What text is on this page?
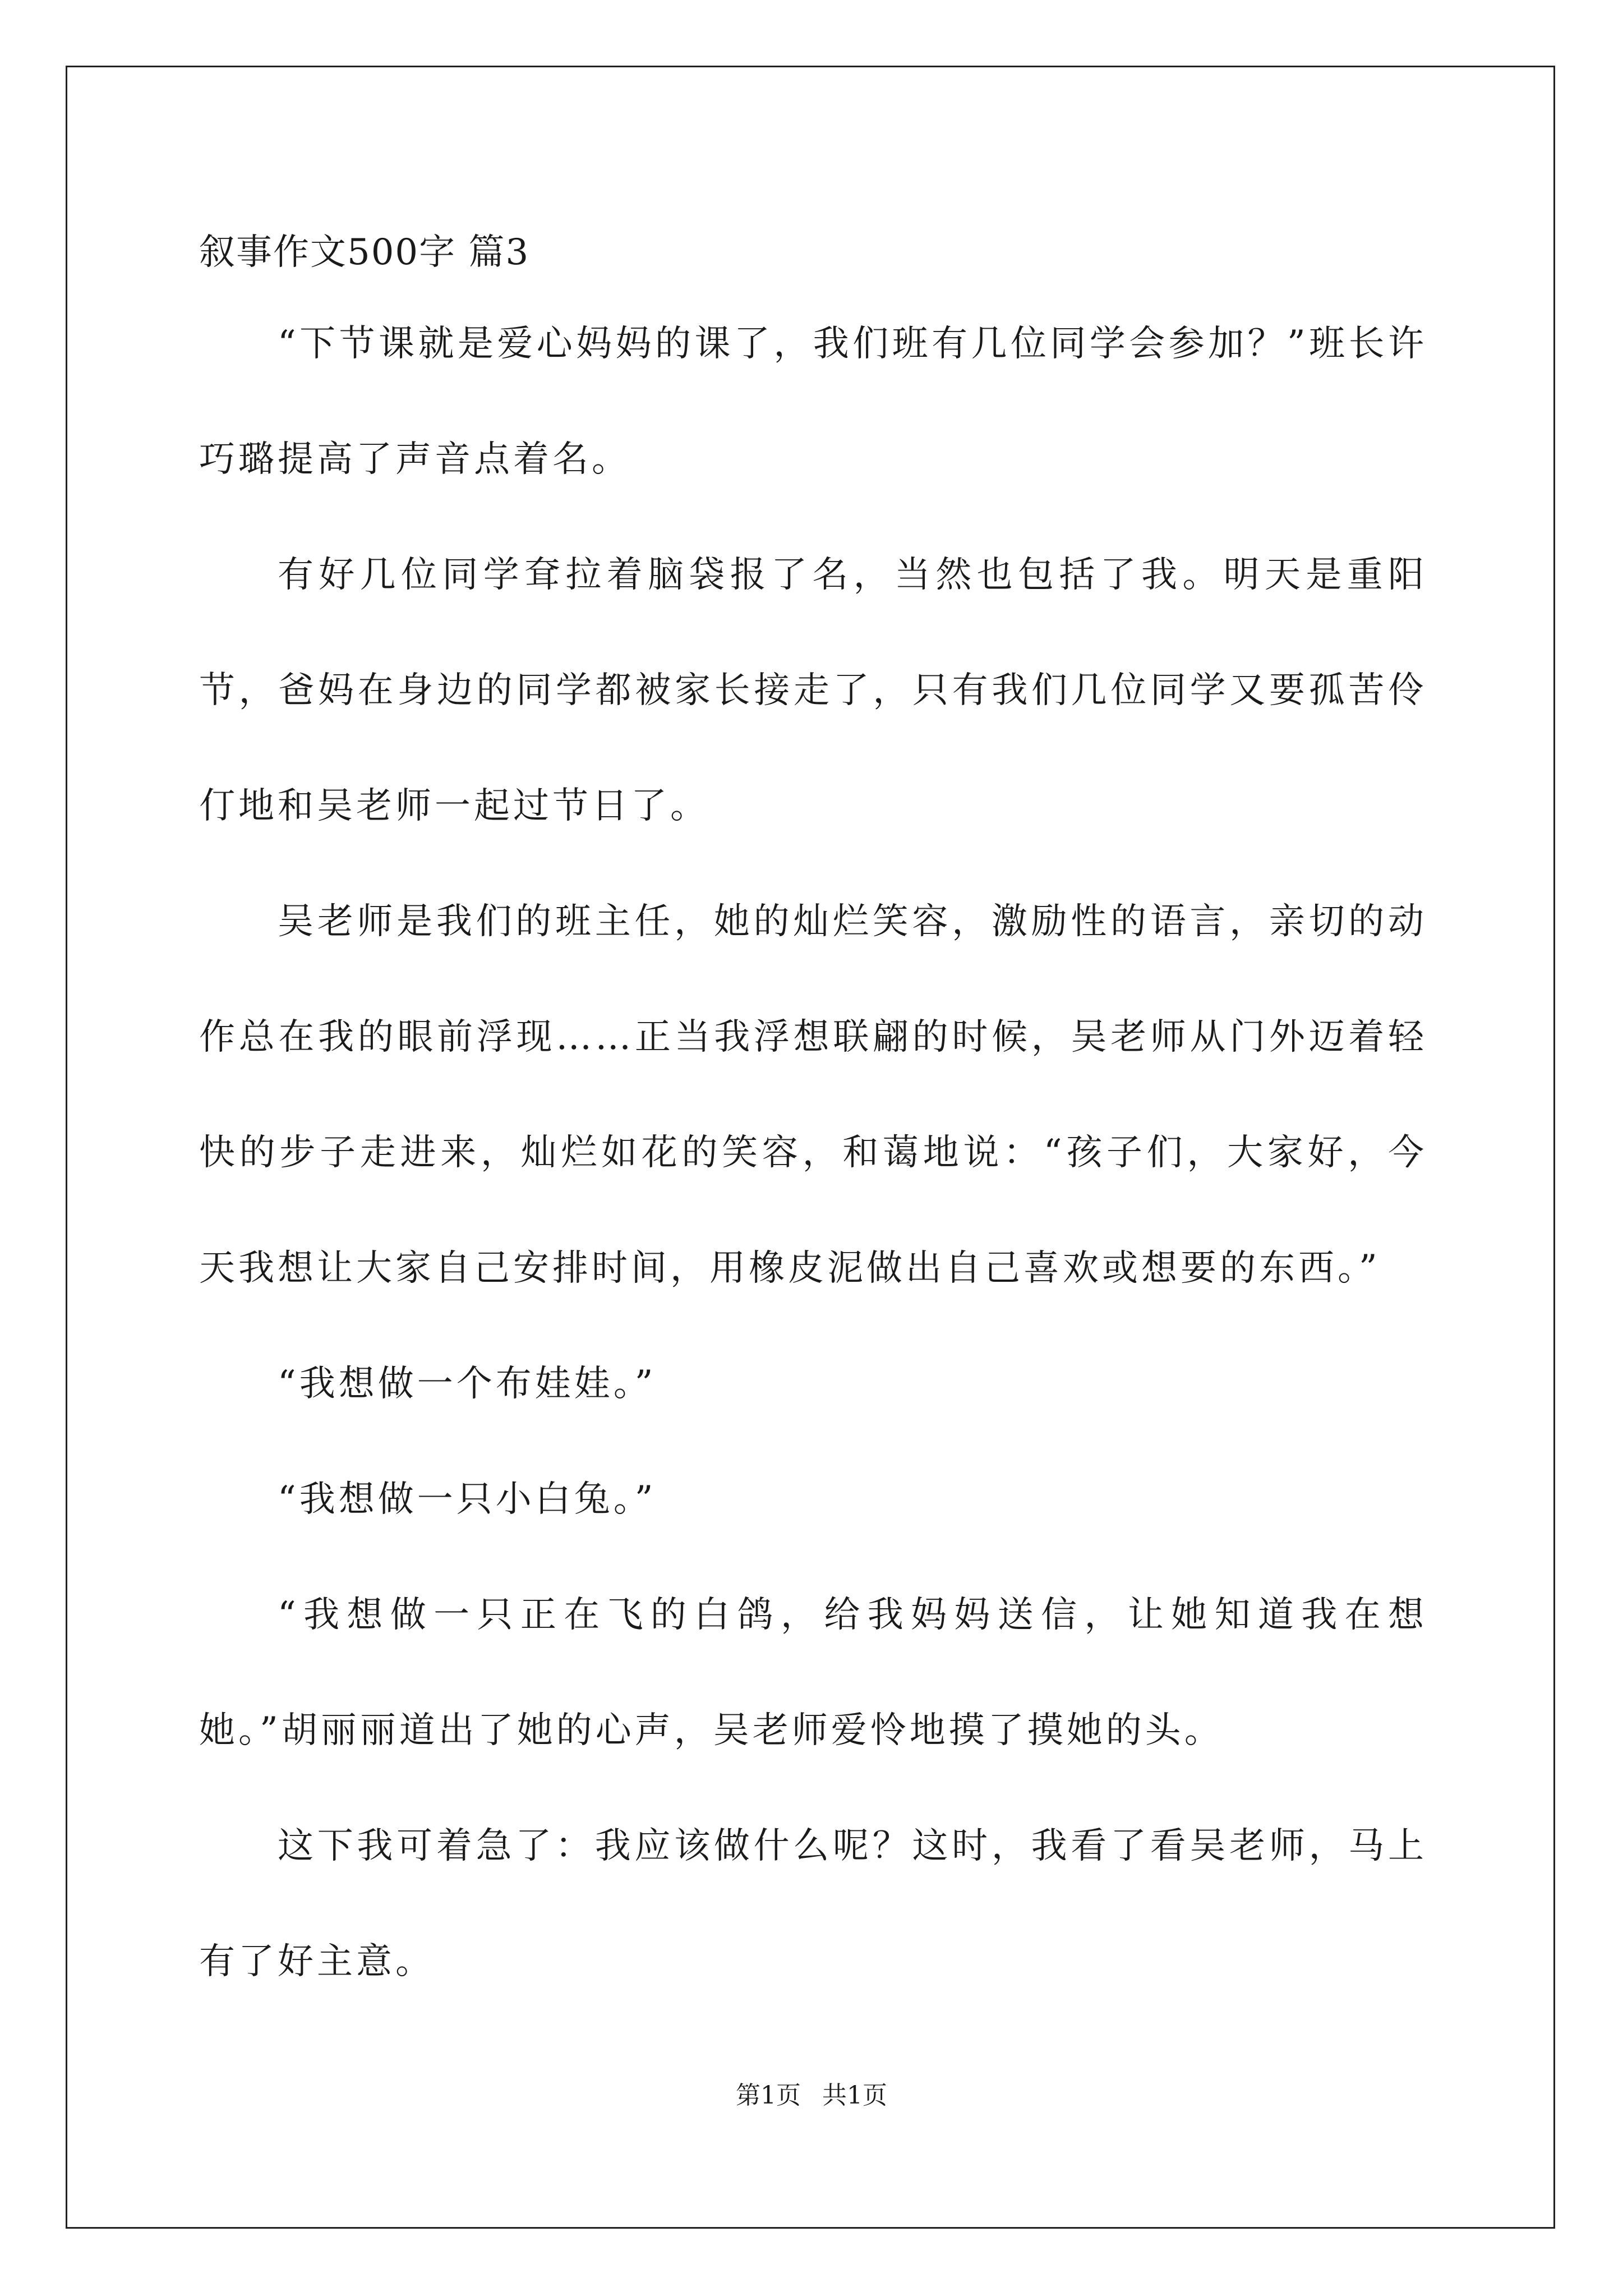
叙事作文500字 篇3

“下节课就是爱心妈妈的课了，我们班有几位同学会参加？”班长许巧璐提高了声音点着名。

有好几位同学耷拉着脑袋报了名，当然也包括了我。明天是重阳节，爸妈在身边的同学都被家长接走了，只有我们几位同学又要孤苦伶仃地和吴老师一起过节日了。

吴老师是我们的班主任，她的灿烂笑容，激励性的语言，亲切的动作总在我的眼前浮现……正当我浮想联翩的时候，吴老师从门外迈着轻快的步子走进来，灿烂如花的笑容，和蔼地说：“孩子们，大家好，今天我想让大家自己安排时间，用橡皮泥做出自己喜欢或想要的东西。”

“我想做一个布娃娃。”

“我想做一只小白兔。”

“我想做一只正在飞的白鸽，给我妈妈送信，让她知道我在想她。”胡丽丽道出了她的心声，吴老师爱怜地摸了摸她的头。

这下我可着急了：我应该做什么呢？这时，我看了看吴老师，马上有了好主意。

第1页 共1页
